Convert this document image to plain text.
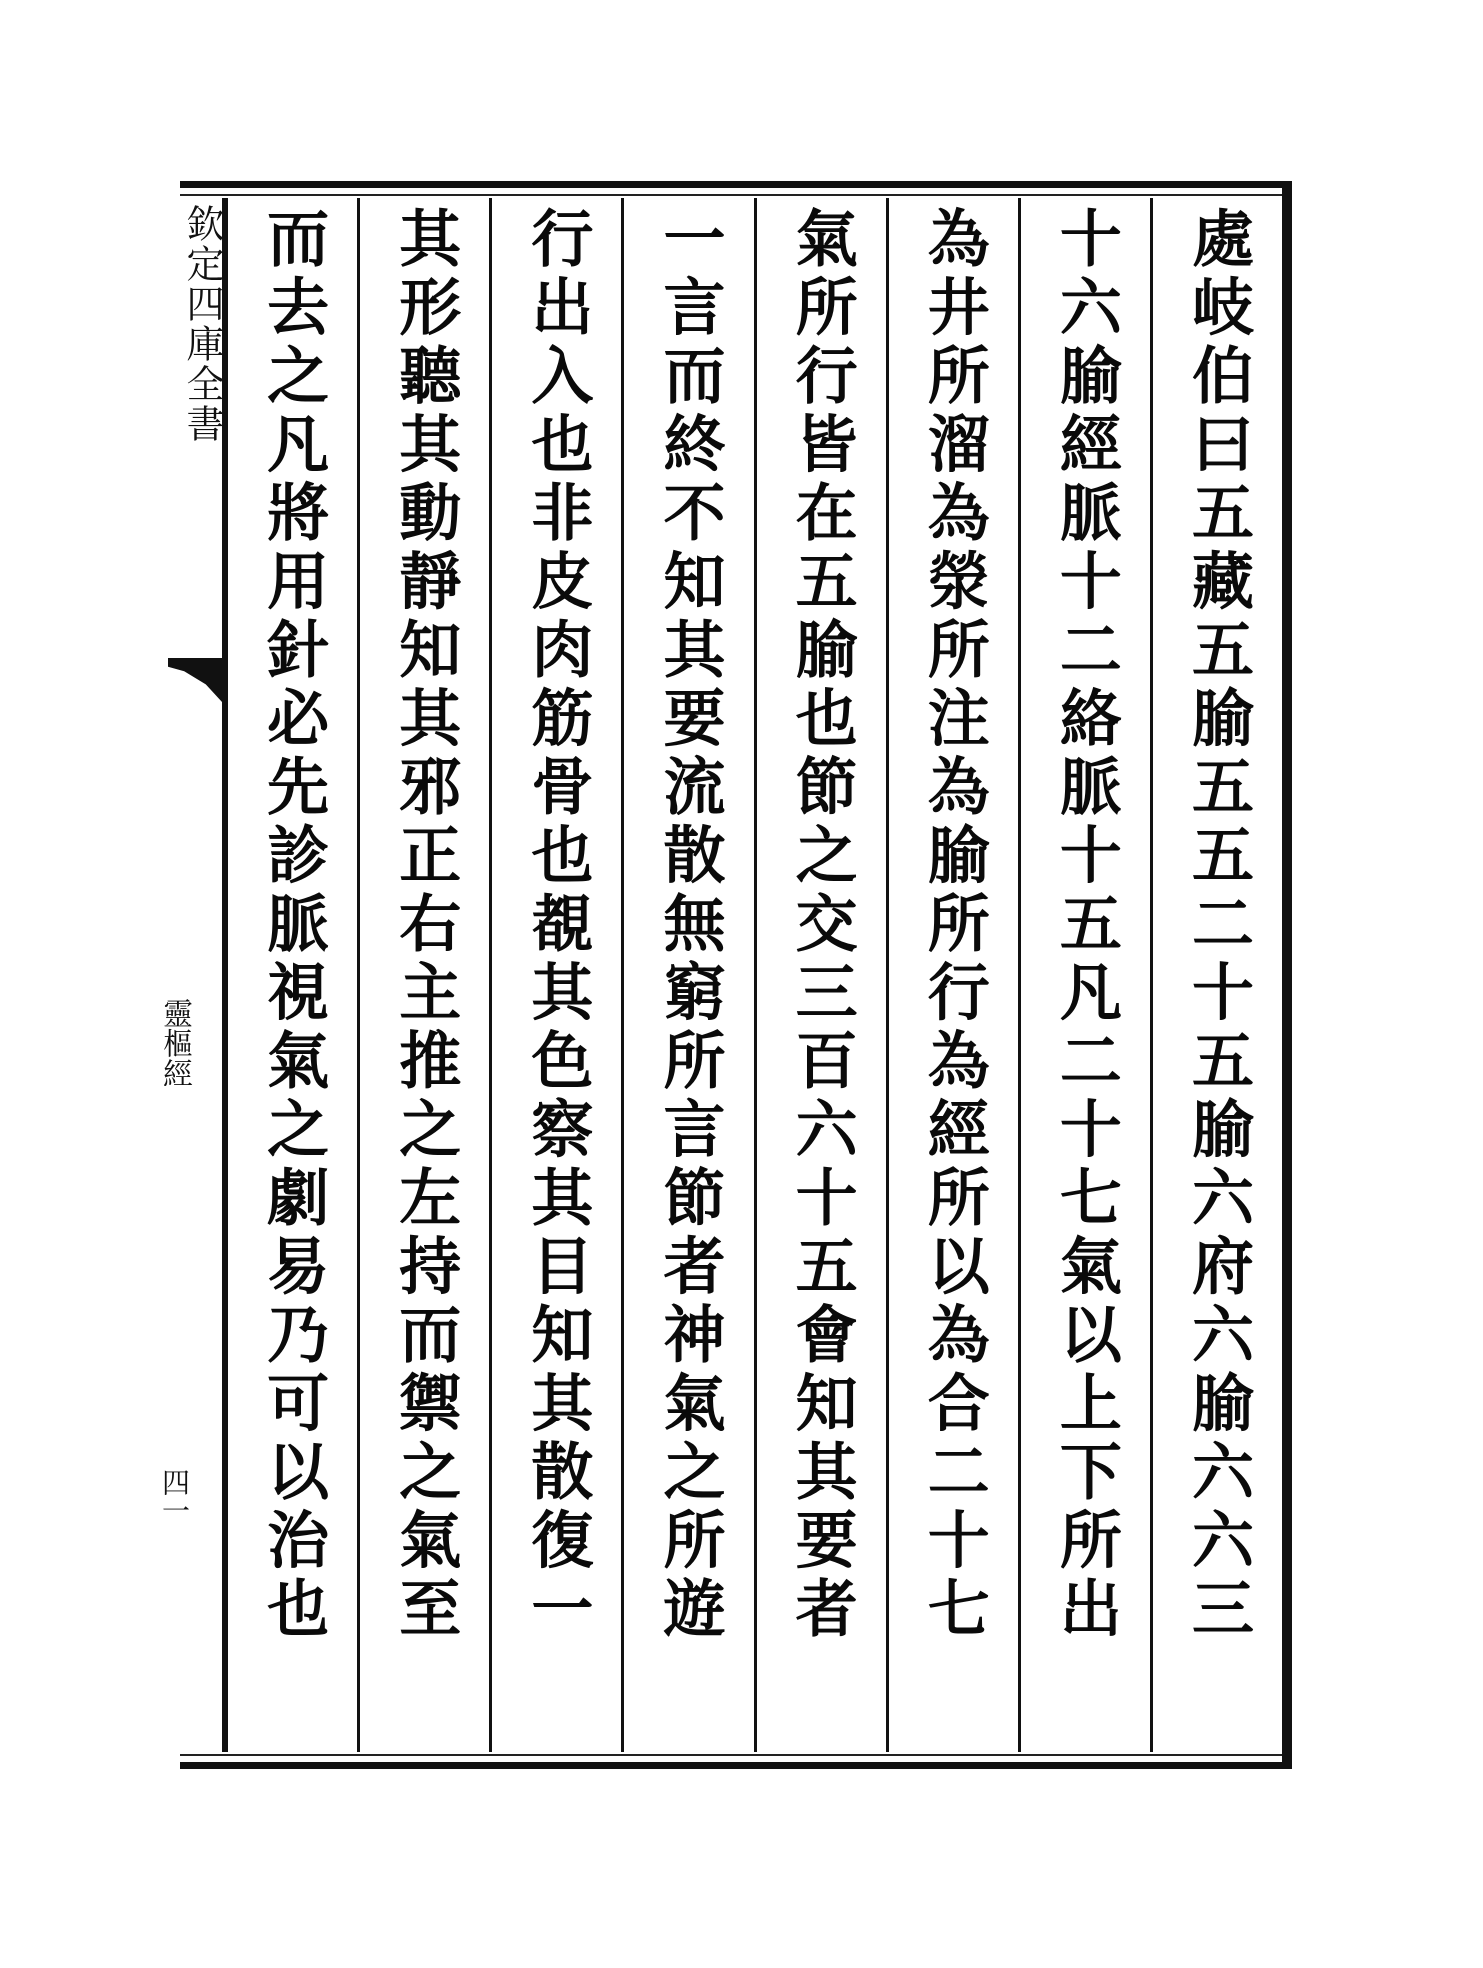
欽定四庫全書
靈樞經
四一	處岐伯曰五藏五腧五五二十五腧六府六腧六六三
十六腧經脈十二絡脈十五凡二十七氣以上下所出
為井所溜為滎所注為腧所行為經所以為合二十七
氣所行皆在五腧也節之交三百六十五會知其要者
一言而終不知其要流散無窮所言節者神氣之所遊
行出入也非皮肉筋骨也覩其色察其目知其散復一
其形聽其動靜知其邪正右主推之左持而禦之氣至
而去之凡將用針必先診脈視氣之劇易乃可以治也
